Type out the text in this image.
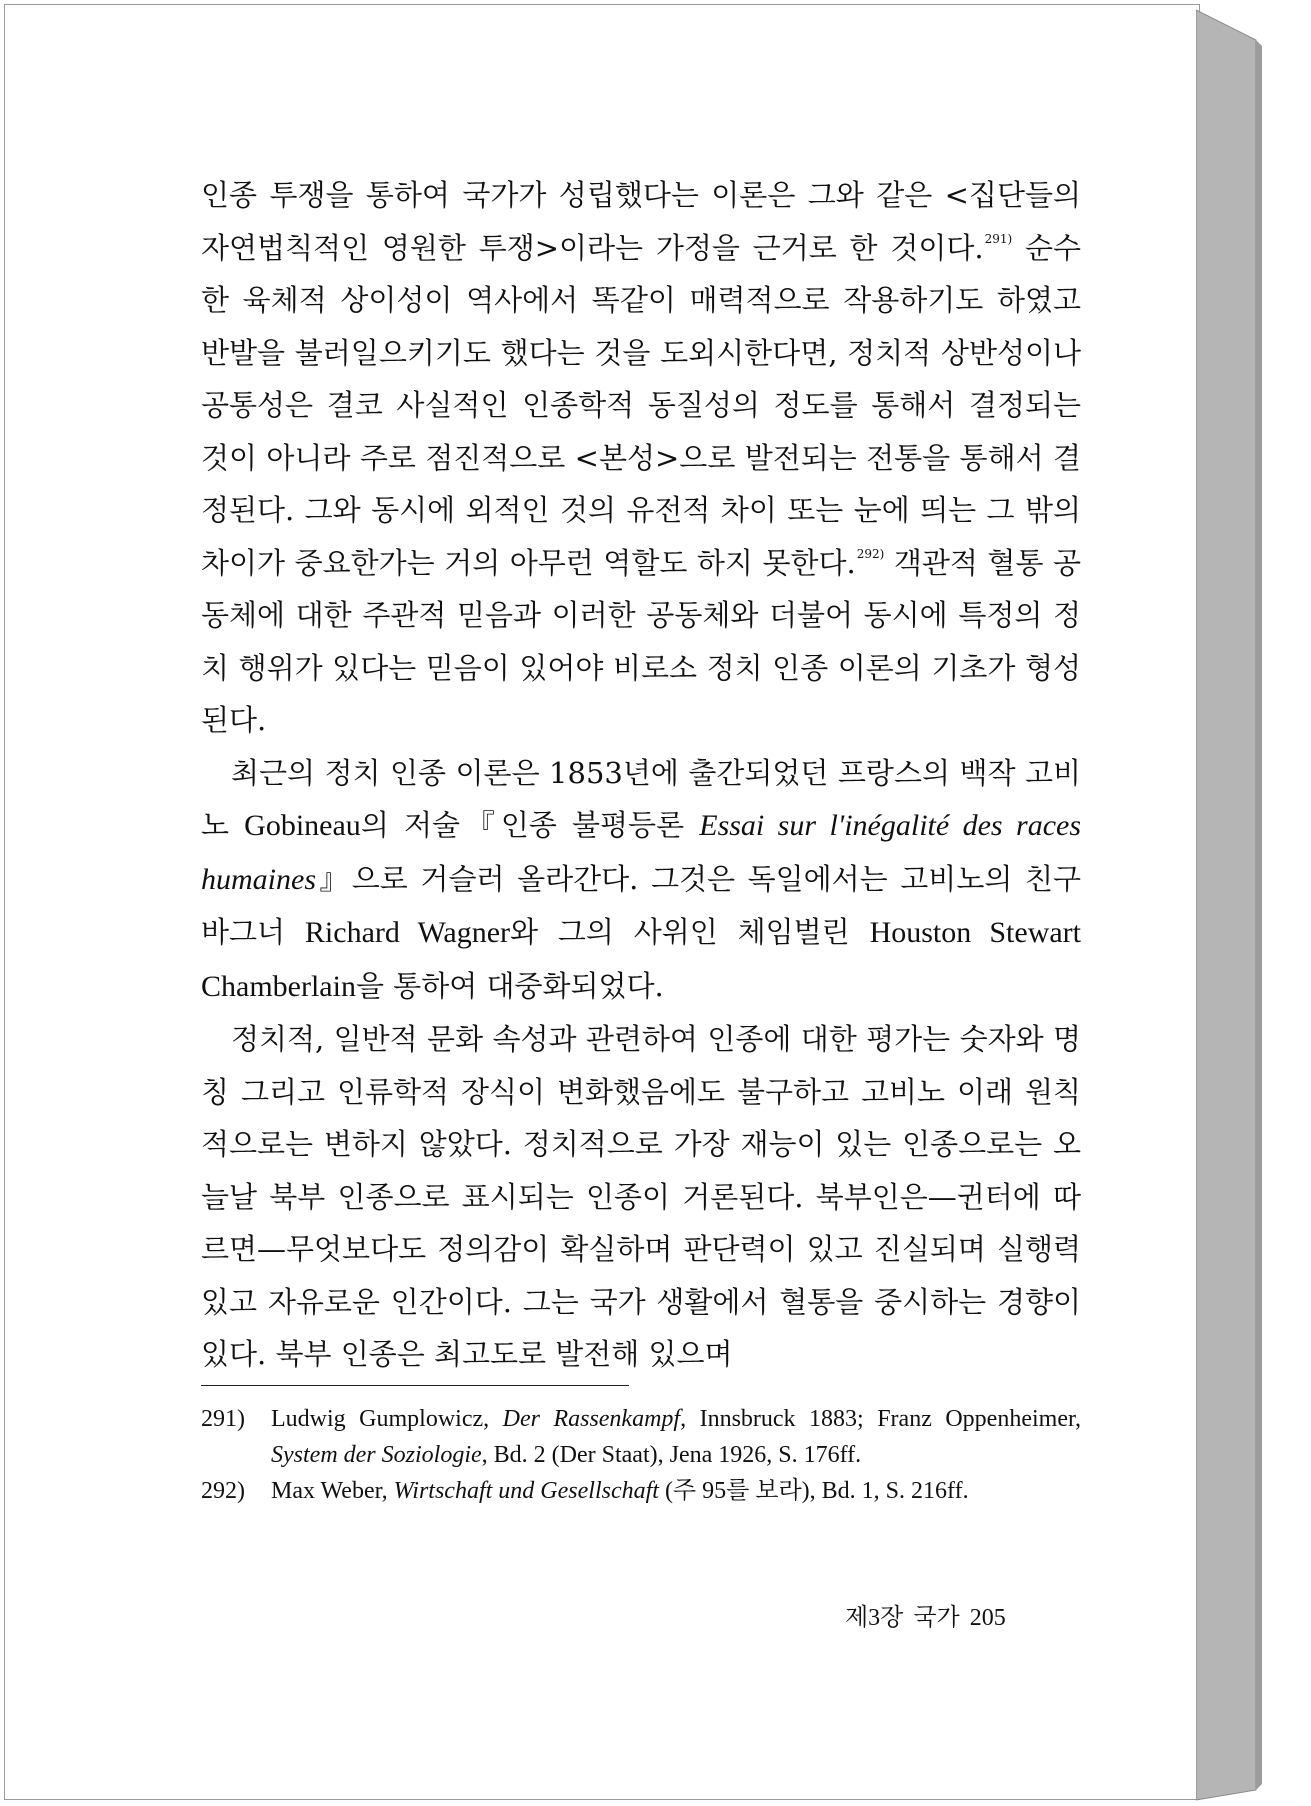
인종 투쟁을 통하여 국가가 성립했다는 이론은 그와 같은 <집단들의 자연법칙적인 영원한 투쟁>이라는 가정을 근거로 한 것이다.$^{291)}$ 순수한 육체적 상이성이 역사에서 똑같이 매력적으로 작용하기도 하였고 반발을 불러일으키기도 했다는 것을 도외시한다면, 정치적 상반성이나 공통성은 결코 사실적인 인종학적 동질성의 정도를 통해서 결정되는 것이 아니라 주로 점진적으로 <본성>으로 발전되는 전통을 통해서 결정된다. 그와 동시에 외적인 것의 유전적 차이 또는 눈에 띄는 그 밖의 차이가 중요한가는 거의 아무런 역할도 하지 못한다.$^{292)}$ 객관적 혈통 공동체에 대한 주관적 믿음과 이러한 공동체와 더불어 동시에 특정의 정치 행위가 있다는 믿음이 있어야 비로소 정치 인종 이론의 기초가 형성된다.

최근의 정치 인종 이론은 1853년에 출간되었던 프랑스의 백작 고비노 Gobineau의 저술『인종 불평등론 Essai sur l'inégalité des races humaines』으로 거슬러 올라간다. 그것은 독일에서는 고비노의 친구 바그너 Richard Wagner와 그의 사위인 체임벌린 Houston Stewart Chamberlain을 통하여 대중화되었다.

정치적, 일반적 문화 속성과 관련하여 인종에 대한 평가는 숫자와 명칭 그리고 인류학적 장식이 변화했음에도 불구하고 고비노 이래 원칙적으로는 변하지 않았다. 정치적으로 가장 재능이 있는 인종으로는 오늘날 북부 인종으로 표시되는 인종이 거론된다. 북부인은—귄터에 따르면—무엇보다도 정의감이 확실하며 판단력이 있고 진실되며 실행력 있고 자유로운 인간이다. 그는 국가 생활에서 혈통을 중시하는 경향이 있다. 북부 인종은 최고도로 발전해 있으며

291) Ludwig Gumplowicz, Der Rassenkampf, Innsbruck 1883; Franz Oppenheimer, System der Soziologie, Bd. 2 (Der Staat), Jena 1926, S. 176ff.
292) Max Weber, Wirtschaft und Gesellschaft (주 95를 보라), Bd. 1, S. 216ff.
제3장 국가 205
